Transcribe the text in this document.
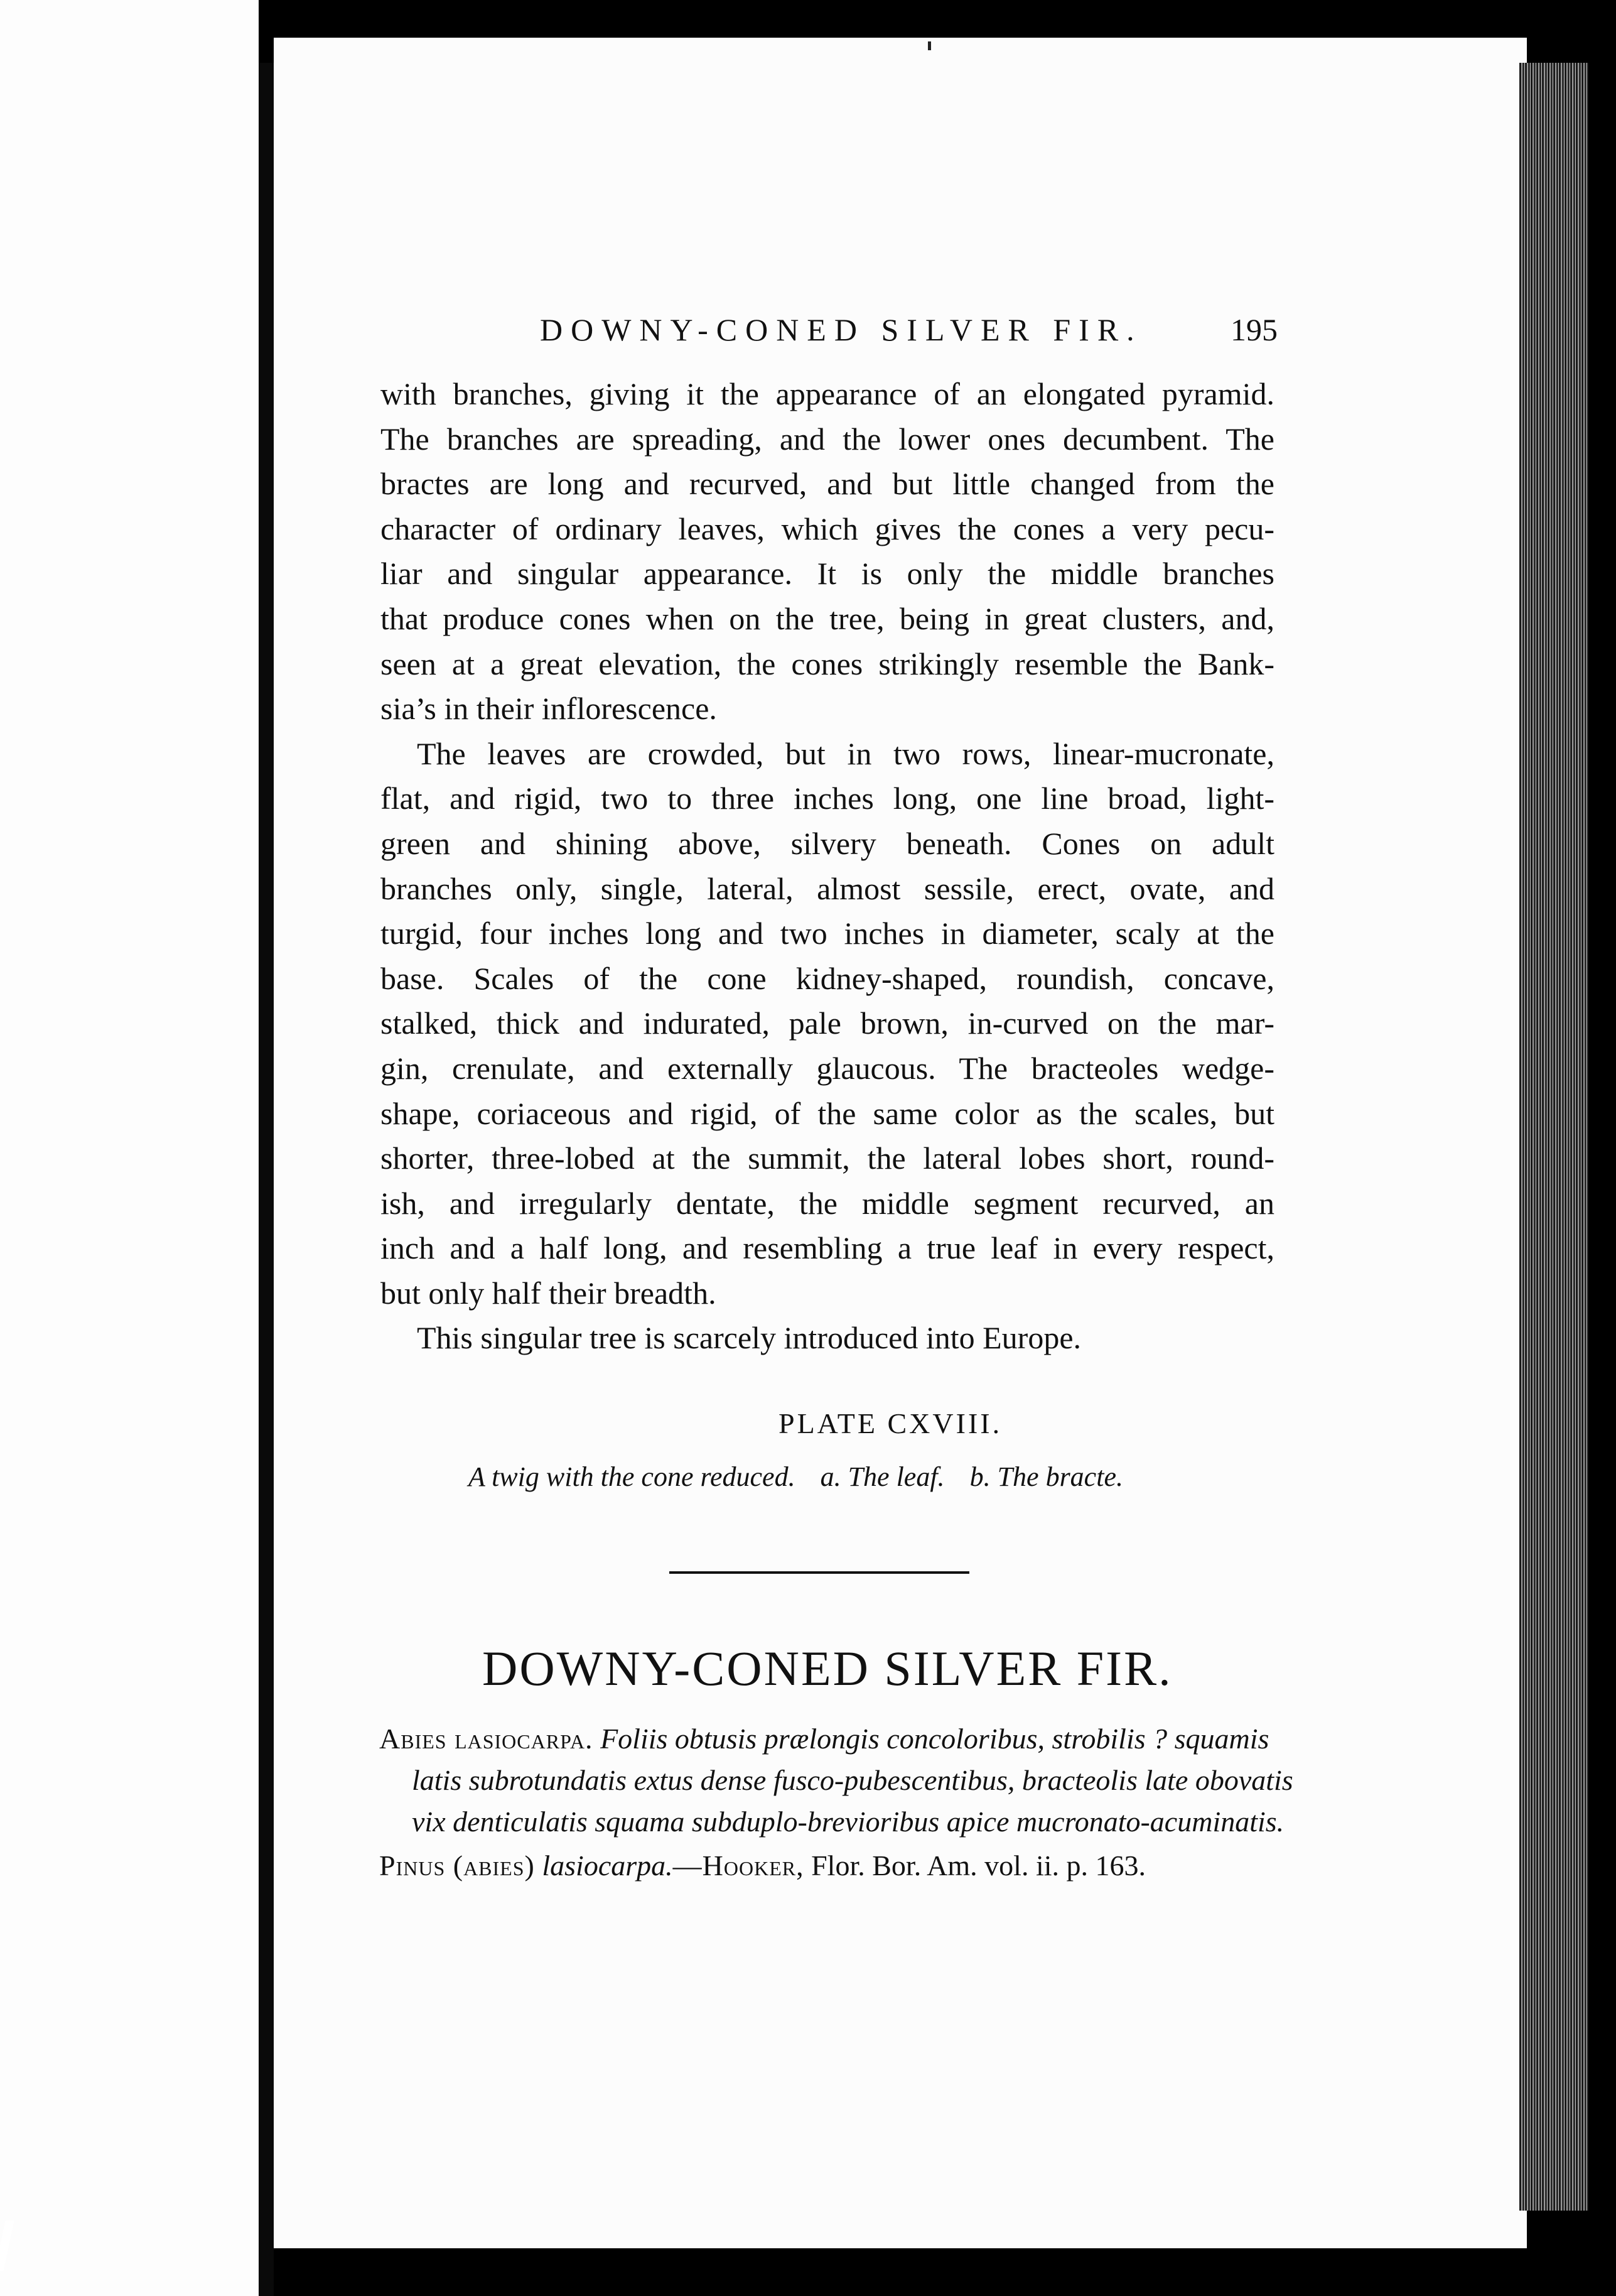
DOWNY-CONED SILVER FIR.	195
with branches, giving it the appearance of an elongated pyramid.
The branches are spreading, and the lower ones decumbent. The
bractes are long and recurved, and but little changed from the
character of ordinary leaves, which gives the cones a very pecu-
liar and singular appearance. It is only the middle branches
that produce cones when on the tree, being in great clusters, and,
seen at a great elevation, the cones strikingly resemble the Bank-
sia’s in their inflorescence.
The leaves are crowded, but in two rows, linear-mucronate,
flat, and rigid, two to three inches long, one line broad, light-
green and shining above, silvery beneath. Cones on adult
branches only, single, lateral, almost sessile, erect, ovate, and
turgid, four inches long and two inches in diameter, scaly at the
base. Scales of the cone kidney-shaped, roundish, concave,
stalked, thick and indurated, pale brown, in-curved on the mar-
gin, crenulate, and externally glaucous. The bracteoles wedge-
shape, coriaceous and rigid, of the same color as the scales, but
shorter, three-lobed at the summit, the lateral lobes short, round-
ish, and irregularly dentate, the middle segment recurved, an
inch and a half long, and resembling a true leaf in every respect,
but only half their breadth.
This singular tree is scarcely introduced into Europe.
PLATE CXVIII.
A twig with the cone reduced. a. The leaf. b. The bracte.
DOWNY-CONED SILVER FIR.
Abies lasiocarpa. Foliis obtusis prælongis concoloribus, strobilis ? squamis
latis subrotundatis extus dense fusco-pubescentibus, bracteolis late obovatis
vix denticulatis squama subduplo-brevioribus apice mucronato-acuminatis.
Pinus (abies) lasiocarpa.—Hooker, Flor. Bor. Am. vol. ii. p. 163.
